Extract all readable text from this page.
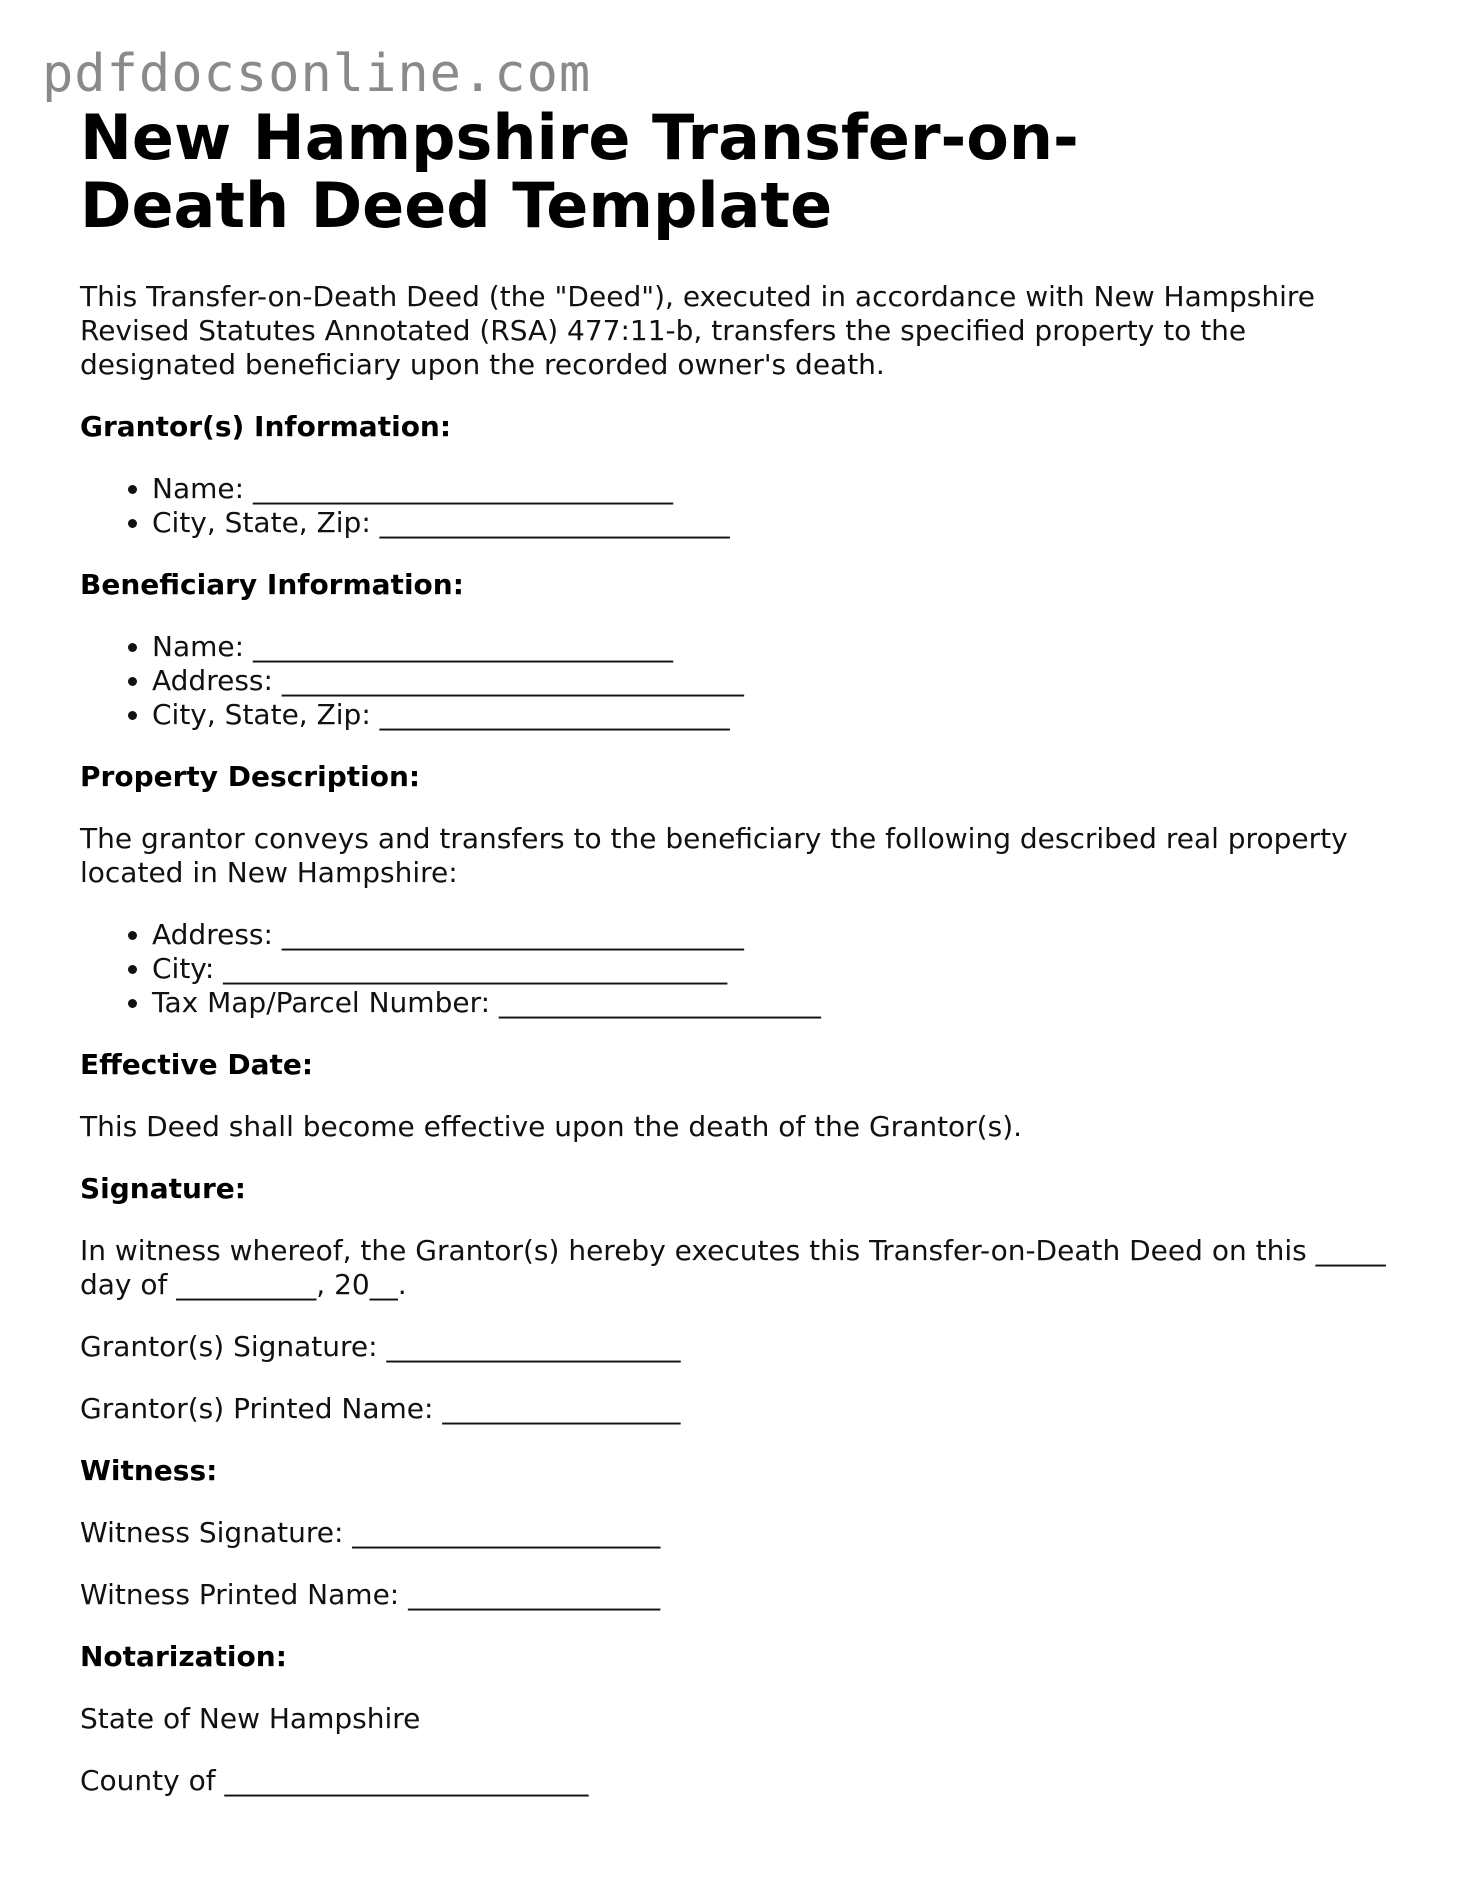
pdfdocsonline.com
New Hampshire Transfer-on-Death Deed Template

This Transfer-on-Death Deed (the "Deed"), executed in accordance with New Hampshire Revised Statutes Annotated (RSA) 477:11-b, transfers the specified property to the designated beneficiary upon the recorded owner's death.

Grantor(s) Information:
• Name: ______________________________
• City, State, Zip: _________________________
Beneficiary Information:
• Name: ______________________________
• Address: _________________________________
• City, State, Zip: _________________________
Property Description:

The grantor conveys and transfers to the beneficiary the following described real property located in New Hampshire:

• Address: _________________________________
• City: ____________________________________
• Tax Map/Parcel Number: _______________________
Effective Date:

This Deed shall become effective upon the death of the Grantor(s).

Signature:

In witness whereof, the Grantor(s) hereby executes this Transfer-on-Death Deed on this _____ day of __________, 20__.

Grantor(s) Signature: _____________________

Grantor(s) Printed Name: _________________

Witness:

Witness Signature: ______________________

Witness Printed Name: __________________

Notarization:

State of New Hampshire

County of __________________________
